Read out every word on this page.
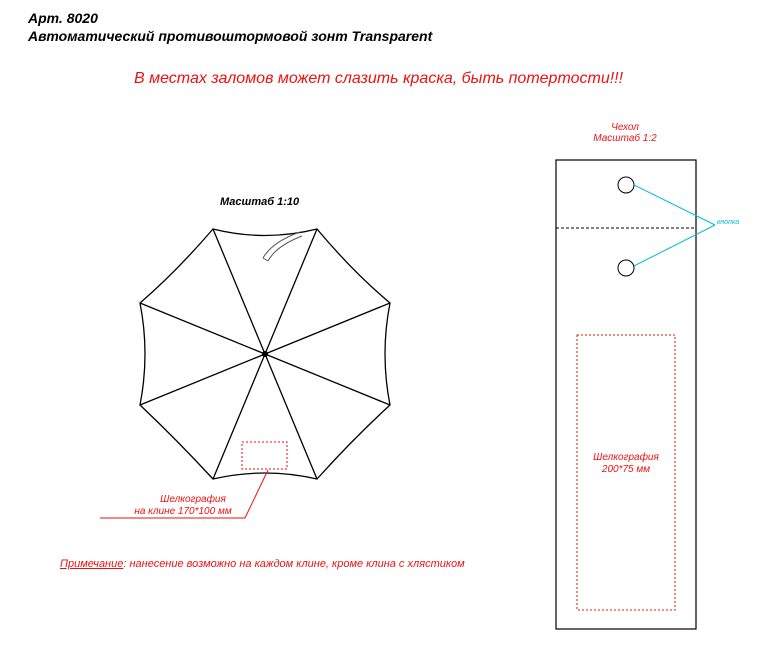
Арт. 8020
Автоматический противоштормовой зонт Transparent
В местах заломов может слазить краска, быть потертости!!!
Масштаб 1:10
Шелкография
на клине 170*100 мм
Чехол
Масштаб 1:2
кнопка
Шелкография
200*75 мм
Примечание: нанесение возможно на каждом клине, кроме клина с хлястиком
